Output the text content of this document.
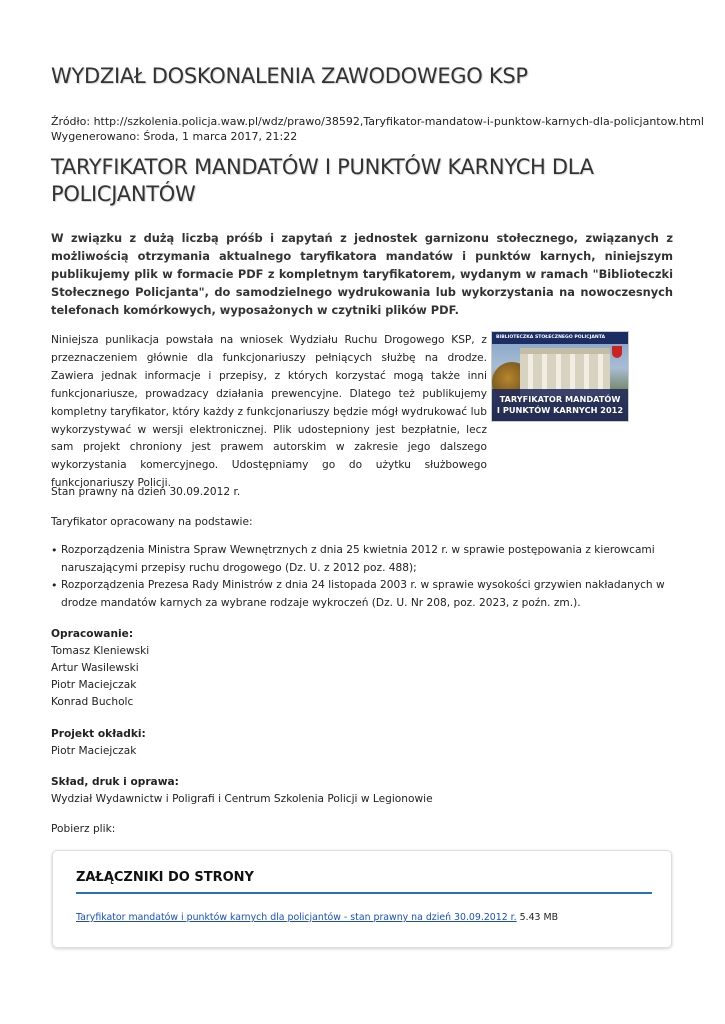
WYDZIAŁ DOSKONALENIA ZAWODOWEGO KSP
Źródło: http://szkolenia.policja.waw.pl/wdz/prawo/38592,Taryfikator-mandatow-i-punktow-karnych-dla-policjantow.html
Wygenerowano: Środa, 1 marca 2017, 21:22
TARYFIKATOR MANDATÓW I PUNKTÓW KARNYCH DLA POLICJANTÓW

W związku z dużą liczbą próśb i zapytań z jednostek garnizonu stołecznego, związanych z możliwością otrzymania aktualnego taryfikatora mandatów i punktów karnych, niniejszym publikujemy plik w formacie PDF z kompletnym taryfikatorem, wydanym w ramach "Biblioteczki Stołecznego Policjanta", do samodzielnego wydrukowania lub wykorzystania na nowoczesnych telefonach komórkowych, wyposażonych w czytniki plików PDF.

Niniejsza punlikacja powstała na wniosek Wydziału Ruchu Drogowego KSP, z przeznaczeniem głównie dla funkcjonariuszy pełniących służbę na drodze. Zawiera jednak informacje i przepisy, z których korzystać mogą także inni funkcjonariusze, prowadzacy działania prewencyjne. Dlatego też publikujemy kompletny taryfikator, który każdy z funkcjonariuszy będzie mógł wydrukować lub wykorzystywać w wersji elektronicznej. Plik udostepniony jest bezpłatnie, lecz sam projekt chroniony jest prawem autorskim w zakresie jego dalszego wykorzystania komercyjnego. Udostępniamy go do użytku służbowego funkcjonariuszy Policji.

BIBLIOTECZKA STOŁECZNEGO POLICJANTA
TARYFIKATOR MANDATÓW
I PUNKTÓW KARNYCH 2012

Stan prawny na dzień 30.09.2012 r.

Taryfikator opracowany na podstawie:

• Rozporządzenia Ministra Spraw Wewnętrznych z dnia 25 kwietnia 2012 r. w sprawie postępowania z kierowcami naruszającymi przepisy ruchu drogowego (Dz. U. z 2012 poz. 488);
• Rozporządzenia Prezesa Rady Ministrów z dnia 24 listopada 2003 r. w sprawie wysokości grzywien nakładanych w drodze mandatów karnych za wybrane rodzaje wykroczeń (Dz. U. Nr 208, poz. 2023, z poźn. zm.).
Opracowanie:
Tomasz Kleniewski
Artur Wasilewski
Piotr Maciejczak
Konrad Bucholc
Projekt okładki:
Piotr Maciejczak
Skład, druk i oprawa:
Wydział Wydawnictw i Poligrafi i Centrum Szkolenia Policji w Legionowie

Pobierz plik:

ZAŁĄCZNIKI DO STRONY
Taryfikator mandatów i punktów karnych dla policjantów - stan prawny na dzień 30.09.2012 r. 5.43 MB
